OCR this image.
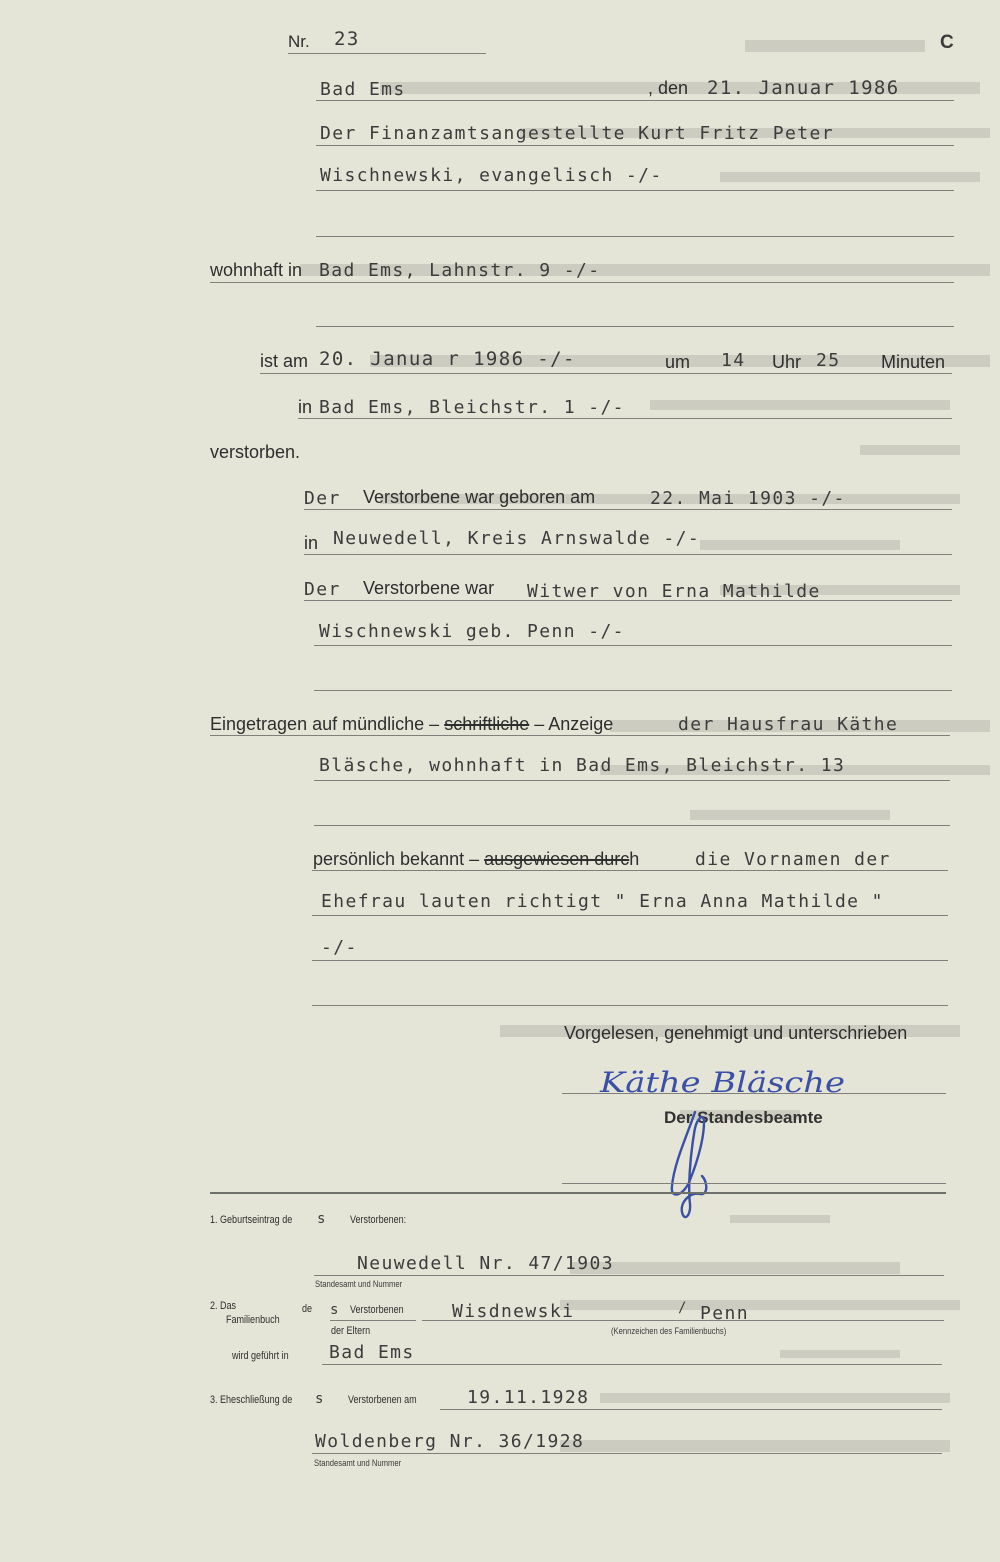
Nr. 23	C
Bad Ems	, den 21. Januar 1986
Der Finanzamtsangestellte Kurt Fritz Peter
Wischnewski, evangelisch -/-
wohnhaft in Bad Ems, Lahnstr. 9 -/-
ist am 20. Janua r 1986 -/-	um 14 Uhr 25 Minuten
in Bad Ems, Bleichstr. 1 -/-
verstorben.
Der Verstorbene war geboren am	22. Mai 1903 -/-
in Neuwedell, Kreis Arnswalde -/-
Der Verstorbene war Witwer von Erna Mathilde
Wischnewski geb. Penn -/-
Eingetragen auf mündliche – schriftliche – Anzeige	der Hausfrau Käthe
Bläsche, wohnhaft in Bad Ems, Bleichstr. 13
persönlich bekannt – ausgewiesen durch	die Vornamen der
Ehefrau lauten richtigt " Erna Anna Mathilde "
-/-
Vorgelesen, genehmigt und unterschrieben
Käthe Bläsche
Der Standesbeamte
1. Geburtseintrag de s Verstorbenen:
Neuwedell Nr. 47/1903
Standesamt und Nummer
2. Das
Familienbuch
de s Verstorbenen
der Eltern
Wisdnewski	/ Penn
(Kennzeichen des Familienbuchs)
wird geführt in Bad Ems
3. Eheschließung de s Verstorbenen am	19.11.1928
Woldenberg Nr. 36/1928
Standesamt und Nummer
